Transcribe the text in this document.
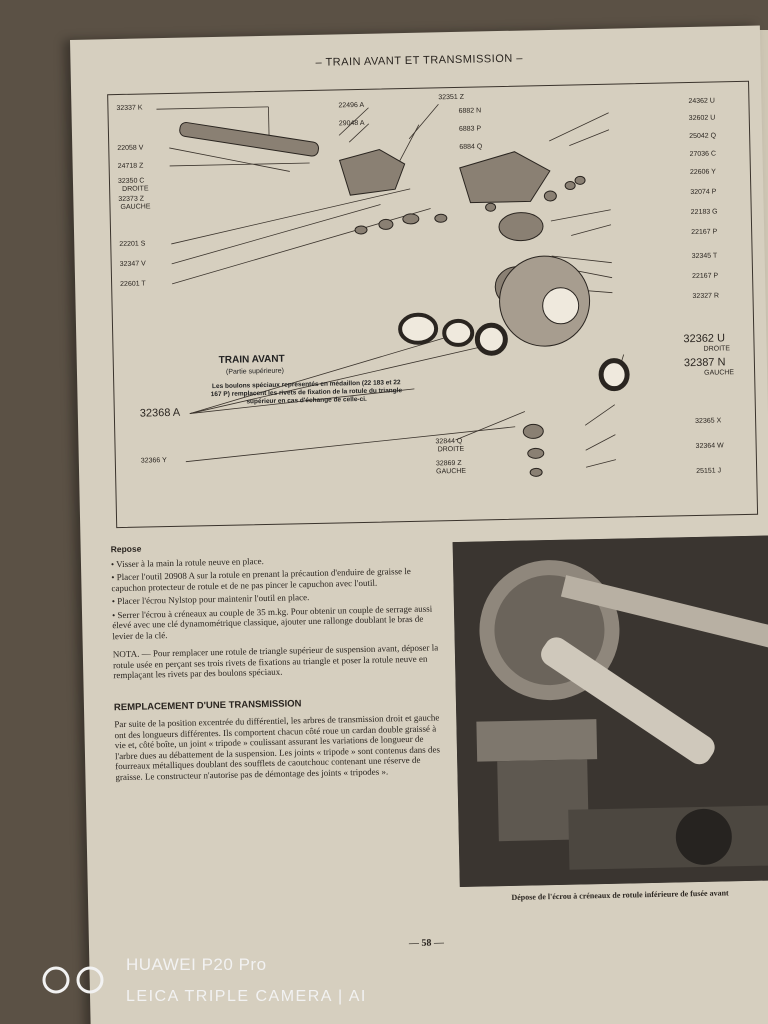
– TRAIN AVANT ET TRANSMISSION –
32337 K
22058 V
24718 Z
32350 C
DROITE
32373 Z
GAUCHE
22201 S
32347 V
22601 T
22496 A
29048 A
32351 Z
6882 N
6883 P
6884 Q
24362 U
32602 U
25042 Q
27036 C
22606 Y
32074 P
22183 G
22167 P
32345 T
22167 P
32327 R
32362 U
DROITE
32387 N
GAUCHE
32365 X
32364 W
25151 J
32368 A
32366 Y
32844 Q
DROITE
32869 Z
GAUCHE
TRAIN AVANT
(Partie supérieure)
Les boulons spéciaux représentés en médaillon (22 183 et 22 167 P) remplacent les rivets de fixation de la rotule du triangle supérieur en cas d'échange de celle-ci.
Repose

• Visser à la main la rotule neuve en place.

• Placer l'outil 20908 A sur la rotule en prenant la précaution d'enduire de graisse le capuchon protecteur de rotule et de ne pas pincer le capuchon avec l'outil.

• Placer l'écrou Nylstop pour maintenir l'outil en place.

• Serrer l'écrou à créneaux au couple de 35 m.kg. Pour obtenir un couple de serrage aussi élevé avec une clé dynamométrique classique, ajouter une rallonge doublant le bras de levier de la clé.

NOTA. — Pour remplacer une rotule de triangle supérieur de suspension avant, déposer la rotule usée en perçant ses trois rivets de fixations au triangle et poser la rotule neuve en remplaçant les rivets par des boulons spéciaux.

REMPLACEMENT D'UNE TRANSMISSION

Par suite de la position excentrée du différentiel, les arbres de transmission droit et gauche ont des longueurs différentes. Ils comportent chacun côté roue un cardan double graissé à vie et, côté boîte, un joint « tripode » coulissant assurant les variations de longueur de l'arbre dues au débattement de la suspension. Les joints « tripode » sont contenus dans des fourreaux métalliques doublant des soufflets de caoutchouc contenant une réserve de graisse. Le constructeur n'autorise pas de démontage des joints « tripodes ».

Dépose de l'écrou à créneaux de rotule inférieure de fusée avant
— 58 —
HUAWEI P20 Pro
LEICA TRIPLE CAMERA | AI
